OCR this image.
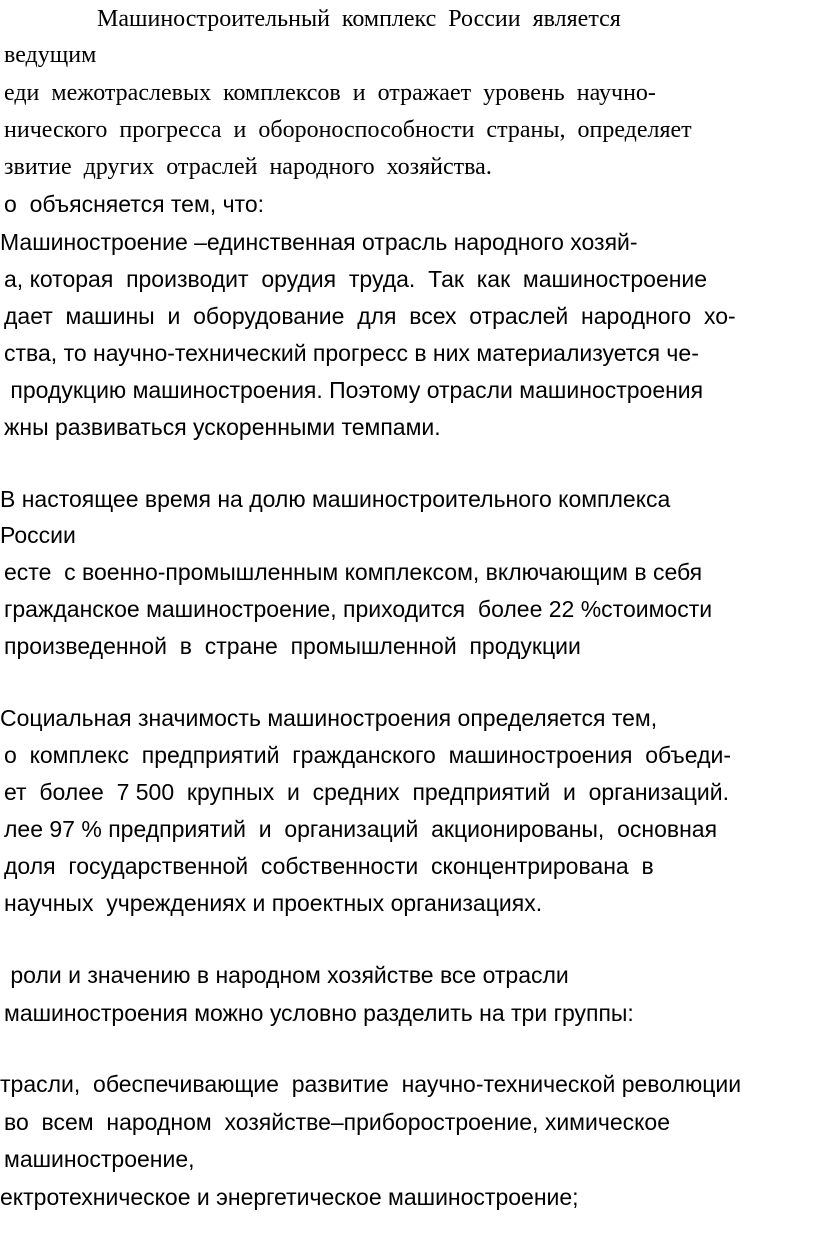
Машиностроительный  комплекс  России  является
ведущим
еди  межотраслевых  комплексов  и  отражает  уровень  научно-
нического  прогресса  и  обороноспособности  страны,  определяет
звитие  других  отраслей  народного  хозяйства.
о  объясняется тем, что:
Машиностроение –единственная отрасль народного хозяй-
а, которая  производит  орудия  труда.  Так  как  машиностроение
дает  машины  и  оборудование  для  всех  отраслей  народного  хо-
ства, то научно-технический прогресс в них материализуется че-
продукцию машиностроения. Поэтому отрасли машиностроения
жны развиваться ускоренными темпами.
В настоящее время на долю машиностроительного комплекса
России
есте  с военно-промышленным комплексом, включающим в себя
гражданское машиностроение, приходится  более 22 %стоимости
произведенной  в  стране  промышленной  продукции
Социальная значимость машиностроения определяется тем,
о  комплекс  предприятий  гражданского  машиностроения  объеди-
ет  более  7 500  крупных  и  средних  предприятий  и  организаций.
лее 97 % предприятий  и  организаций  акционированы,  основная
доля  государственной  собственности  сконцентрирована  в
научных  учреждениях и проектных организациях.
роли и значению в народном хозяйстве все отрасли
машиностроения можно условно разделить на три группы:
трасли,  обеспечивающие  развитие  научно-технической революции
во  всем  народном  хозяйстве–приборостроение, химическое
машиностроение,
ектротехническое и энергетическое машиностроение;
